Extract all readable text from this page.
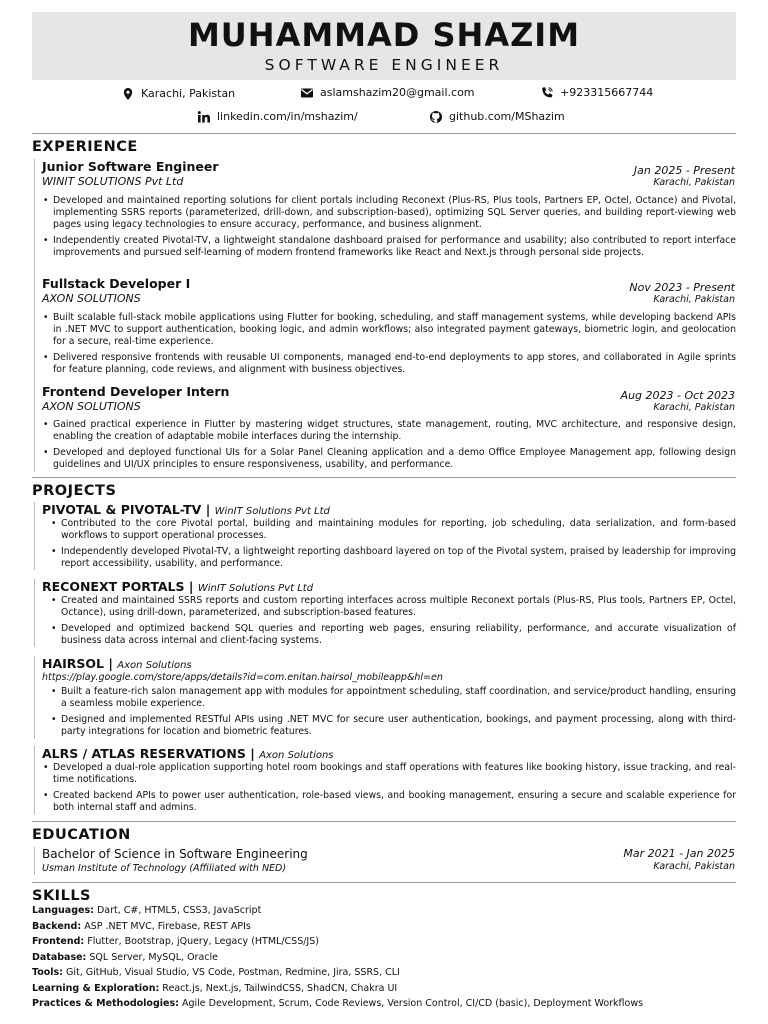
MUHAMMAD SHAZIM
SOFTWARE ENGINEER
Karachi, Pakistan	aslamshazim20@gmail.com	+923315667744
linkedin.com/in/mshazim/	github.com/MShazim
EXPERIENCE
Junior Software Engineer
WINIT SOLUTIONS Pvt Ltd
Jan 2025 - Present
Karachi, Pakistan
• Developed and maintained reporting solutions for client portals including Reconext (Plus-RS, Plus tools, Partners EP, Octel, Octance) and Pivotal, implementing SSRS reports (parameterized, drill-down, and subscription-based), optimizing SQL Server queries, and building report-viewing web pages using legacy technologies to ensure accuracy, performance, and business alignment.
• Independently created Pivotal-TV, a lightweight standalone dashboard praised for performance and usability; also contributed to report interface improvements and pursued self-learning of modern frontend frameworks like React and Next.js through personal side projects.
Fullstack Developer I
AXON SOLUTIONS
Nov 2023 - Present
Karachi, Pakistan
• Built scalable full-stack mobile applications using Flutter for booking, scheduling, and staff management systems, while developing backend APIs in .NET MVC to support authentication, booking logic, and admin workflows; also integrated payment gateways, biometric login, and geolocation for a secure, real-time experience.
• Delivered responsive frontends with reusable UI components, managed end-to-end deployments to app stores, and collaborated in Agile sprints for feature planning, code reviews, and alignment with business objectives.
Frontend Developer Intern
AXON SOLUTIONS
Aug 2023 - Oct 2023
Karachi, Pakistan
• Gained practical experience in Flutter by mastering widget structures, state management, routing, MVC architecture, and responsive design, enabling the creation of adaptable mobile interfaces during the internship.
• Developed and deployed functional UIs for a Solar Panel Cleaning application and a demo Office Employee Management app, following design guidelines and UI/UX principles to ensure responsiveness, usability, and performance.
PROJECTS
PIVOTAL & PIVOTAL-TV | WinIT Solutions Pvt Ltd
• Contributed to the core Pivotal portal, building and maintaining modules for reporting, job scheduling, data serialization, and form-based workflows to support operational processes.
• Independently developed Pivotal-TV, a lightweight reporting dashboard layered on top of the Pivotal system, praised by leadership for improving report accessibility, usability, and performance.
RECONEXT PORTALS | WinIT Solutions Pvt Ltd
• Created and maintained SSRS reports and custom reporting interfaces across multiple Reconext portals (Plus-RS, Plus tools, Partners EP, Octel, Octance), using drill-down, parameterized, and subscription-based features.
• Developed and optimized backend SQL queries and reporting web pages, ensuring reliability, performance, and accurate visualization of business data across internal and client-facing systems.
HAIRSOL | Axon Solutions
https://play.google.com/store/apps/details?id=com.enitan.hairsol_mobileapp&hl=en
• Built a feature-rich salon management app with modules for appointment scheduling, staff coordination, and service/product handling, ensuring a seamless mobile experience.
• Designed and implemented RESTful APIs using .NET MVC for secure user authentication, bookings, and payment processing, along with third-party integrations for location and biometric features.
ALRS / ATLAS RESERVATIONS | Axon Solutions
• Developed a dual-role application supporting hotel room bookings and staff operations with features like booking history, issue tracking, and real-time notifications.
• Created backend APIs to power user authentication, role-based views, and booking management, ensuring a secure and scalable experience for both internal staff and admins.
EDUCATION
Bachelor of Science in Software Engineering
Usman Institute of Technology (Affiliated with NED)
Mar 2021 - Jan 2025
Karachi, Pakistan
SKILLS
Languages: Dart, C#, HTML5, CSS3, JavaScript
Backend: ASP .NET MVC, Firebase, REST APIs
Frontend: Flutter, Bootstrap, jQuery, Legacy (HTML/CSS/JS)
Database: SQL Server, MySQL, Oracle
Tools: Git, GitHub, Visual Studio, VS Code, Postman, Redmine, Jira, SSRS, CLI
Learning & Exploration: React.js, Next.js, TailwindCSS, ShadCN, Chakra UI
Practices & Methodologies: Agile Development, Scrum, Code Reviews, Version Control, CI/CD (basic), Deployment Workflows
